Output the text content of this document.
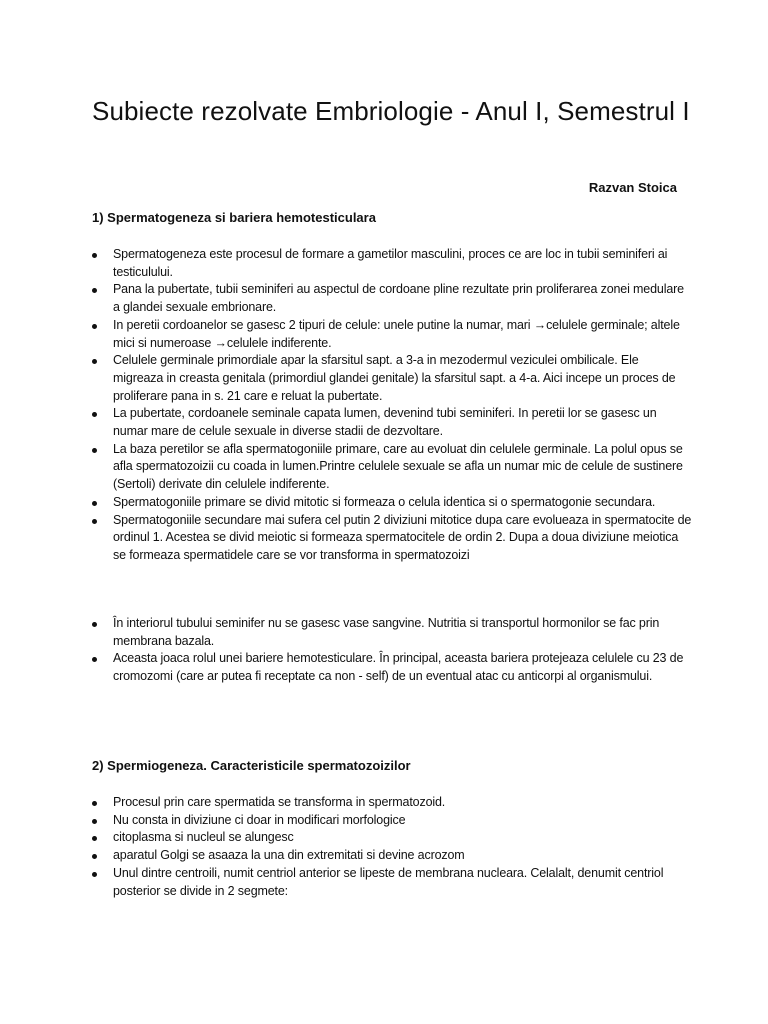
Subiecte rezolvate Embriologie - Anul I, Semestrul I
Razvan Stoica
1) Spermatogeneza si bariera hemotesticulara
Spermatogeneza este procesul de formare a gametilor masculini, proces ce are loc in tubii seminiferi ai testiculului.
Pana la pubertate, tubii seminiferi au aspectul de cordoane pline rezultate prin proliferarea zonei medulare a glandei sexuale embrionare.
In peretii cordoanelor se gasesc 2 tipuri de celule: unele putine la numar, mari →celulele germinale; altele mici si numeroase →celulele indiferente.
Celulele germinale primordiale apar la sfarsitul sapt. a 3-a in mezodermul veziculei ombilicale. Ele migreaza in creasta genitala (primordiul glandei genitale) la sfarsitul sapt. a 4-a. Aici incepe un proces de proliferare pana in s. 21 care e reluat la pubertate.
La pubertate, cordoanele seminale capata lumen, devenind tubi seminiferi. In peretii lor se gasesc un numar mare de celule sexuale in diverse stadii de dezvoltare.
La baza peretilor se afla spermatogoniile primare, care au evoluat din celulele germinale. La polul opus se afla spermatozoizii cu coada in lumen.Printre celulele sexuale se afla un numar mic de celule de sustinere (Sertoli) derivate din celulele indiferente.
Spermatogoniile primare se divid mitotic si formeaza o celula identica si o spermatogonie secundara.
Spermatogoniile secundare mai sufera cel putin 2 diviziuni mitotice dupa care evolueaza in spermatocite de ordinul 1. Acestea se divid meiotic si formeaza spermatocitele de ordin 2. Dupa a doua diviziune meiotica se formeaza spermatidele care se vor transforma in spermatozoizi
În interiorul tubului seminifer nu se gasesc vase sangvine. Nutritia si transportul hormonilor se fac prin membrana bazala.
Aceasta joaca rolul unei bariere hemotesticulare. În principal, aceasta bariera protejeaza celulele cu 23 de cromozomi (care ar putea fi receptate ca non - self) de un eventual atac cu anticorpi al organismului.
2) Spermiogeneza. Caracteristicile spermatozoizilor
Procesul prin care spermatida se transforma in spermatozoid.
Nu consta in diviziune ci doar in modificari morfologice
citoplasma si nucleul se alungesc
aparatul Golgi se asaaza la una din extremitati si devine acrozom
Unul dintre centroili, numit centriol anterior se lipeste de membrana nucleara. Celalalt, denumit centriol posterior se divide in 2 segmete:
